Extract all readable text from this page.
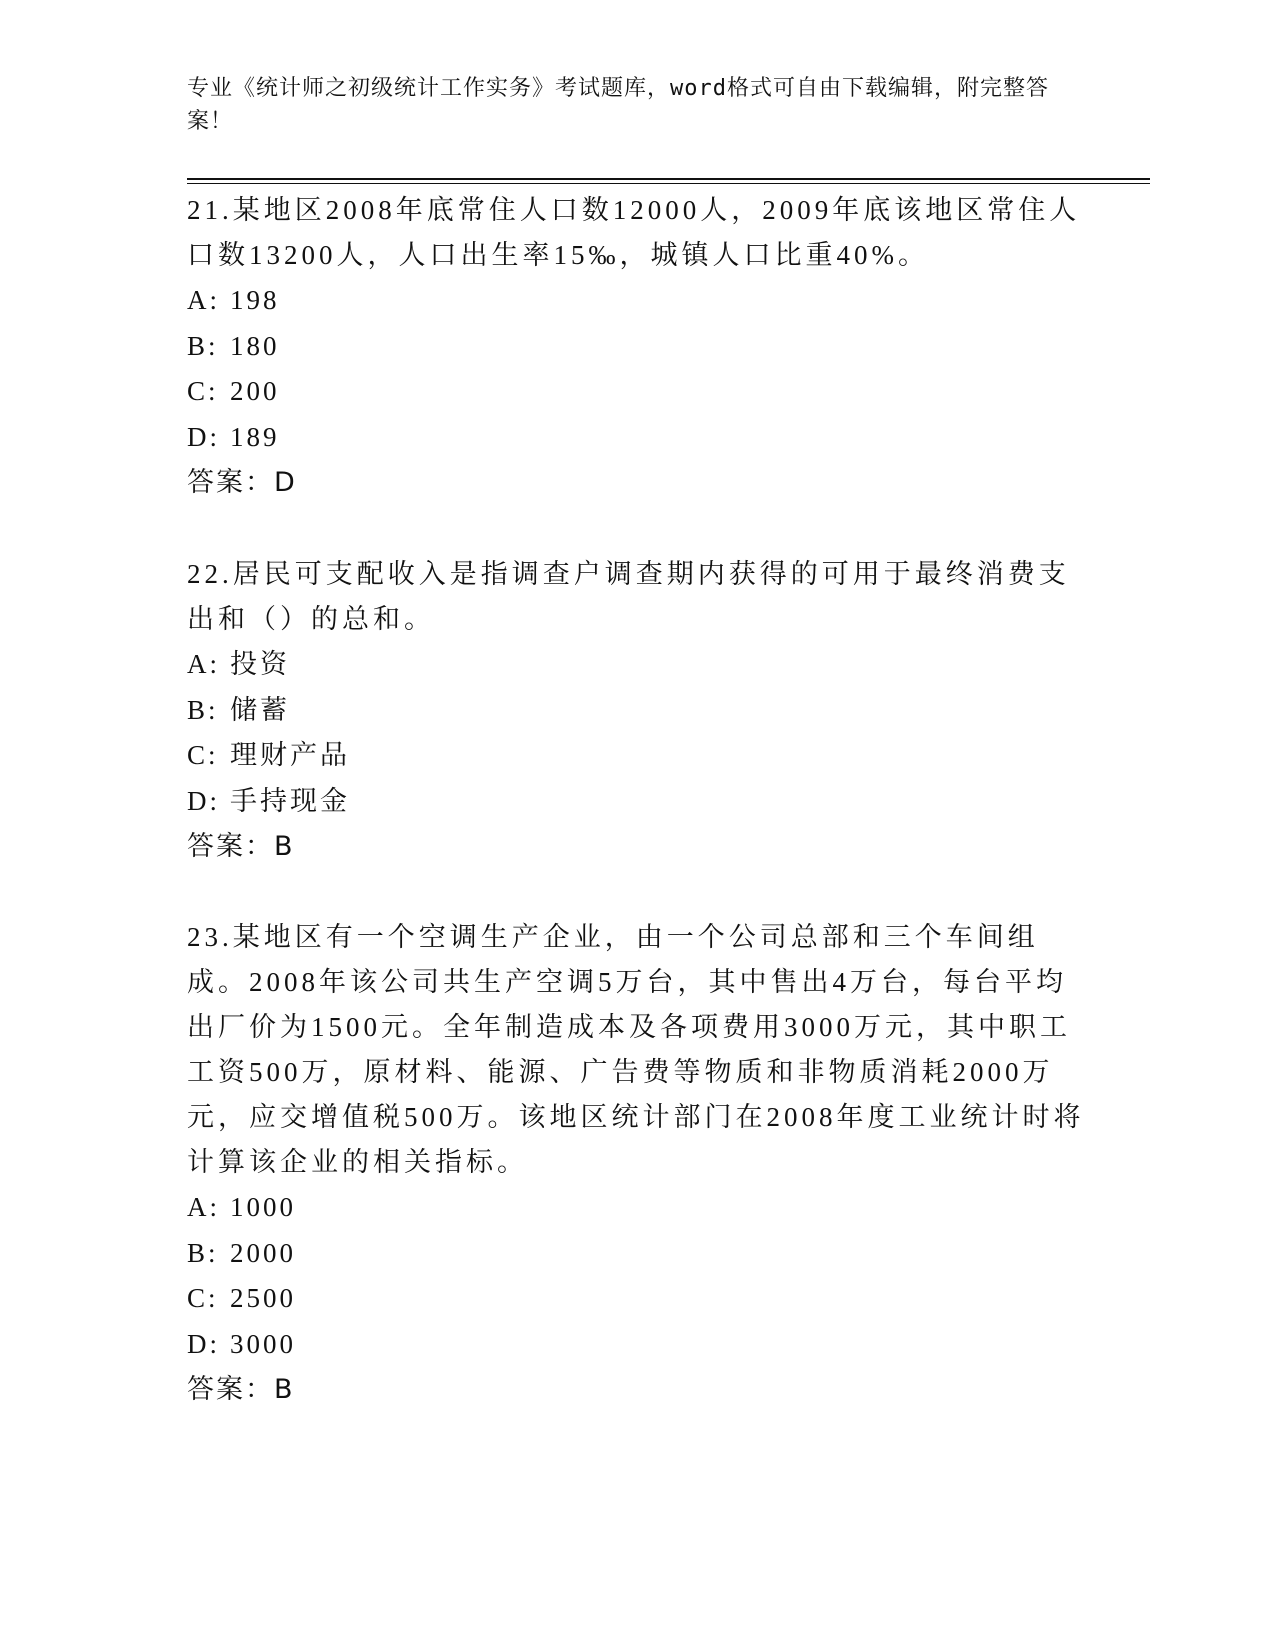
专业《统计师之初级统计工作实务》考试题库，word格式可自由下载编辑，附完整答案！

21.某地区2008年底常住人口数12000人，2009年底该地区常住人口数13200人，人口出生率15‰，城镇人口比重40%。

A: 198
B: 180
C: 200
D: 189

答案：D

22.居民可支配收入是指调查户调查期内获得的可用于最终消费支出和（）的总和。

A: 投资
B: 储蓄
C: 理财产品
D: 手持现金

答案：B

23.某地区有一个空调生产企业，由一个公司总部和三个车间组成。2008年该公司共生产空调5万台，其中售出4万台，每台平均出厂价为1500元。全年制造成本及各项费用3000万元，其中职工工资500万，原材料、能源、广告费等物质和非物质消耗2000万元，应交增值税500万。该地区统计部门在2008年度工业统计时将计算该企业的相关指标。

A: 1000
B: 2000
C: 2500
D: 3000

答案：B
